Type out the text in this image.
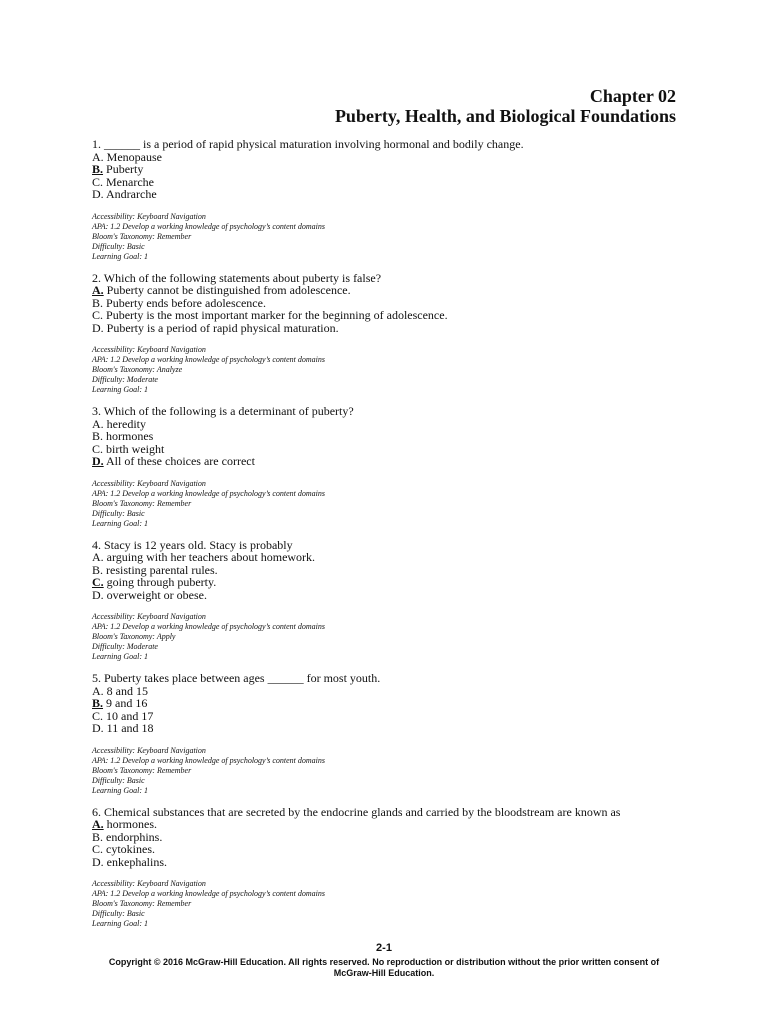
Chapter 02
Puberty, Health, and Biological Foundations
1. ______ is a period of rapid physical maturation involving hormonal and bodily change.
A. Menopause
B. Puberty
C. Menarche
D. Andrarche
Accessibility: Keyboard Navigation
APA: 1.2 Develop a working knowledge of psychology’s content domains
Bloom's Taxonomy: Remember
Difficulty: Basic
Learning Goal: 1
2. Which of the following statements about puberty is false?
A. Puberty cannot be distinguished from adolescence.
B. Puberty ends before adolescence.
C. Puberty is the most important marker for the beginning of adolescence.
D. Puberty is a period of rapid physical maturation.
Accessibility: Keyboard Navigation
APA: 1.2 Develop a working knowledge of psychology’s content domains
Bloom's Taxonomy: Analyze
Difficulty: Moderate
Learning Goal: 1
3. Which of the following is a determinant of puberty?
A. heredity
B. hormones
C. birth weight
D. All of these choices are correct
Accessibility: Keyboard Navigation
APA: 1.2 Develop a working knowledge of psychology’s content domains
Bloom's Taxonomy: Remember
Difficulty: Basic
Learning Goal: 1
4. Stacy is 12 years old. Stacy is probably
A. arguing with her teachers about homework.
B. resisting parental rules.
C. going through puberty.
D. overweight or obese.
Accessibility: Keyboard Navigation
APA: 1.2 Develop a working knowledge of psychology’s content domains
Bloom's Taxonomy: Apply
Difficulty: Moderate
Learning Goal: 1
5. Puberty takes place between ages ______ for most youth.
A. 8 and 15
B. 9 and 16
C. 10 and 17
D. 11 and 18
Accessibility: Keyboard Navigation
APA: 1.2 Develop a working knowledge of psychology’s content domains
Bloom's Taxonomy: Remember
Difficulty: Basic
Learning Goal: 1
6. Chemical substances that are secreted by the endocrine glands and carried by the bloodstream are known as
A. hormones.
B. endorphins.
C. cytokines.
D. enkephalins.
Accessibility: Keyboard Navigation
APA: 1.2 Develop a working knowledge of psychology’s content domains
Bloom's Taxonomy: Remember
Difficulty: Basic
Learning Goal: 1
2-1
Copyright © 2016 McGraw-Hill Education. All rights reserved. No reproduction or distribution without the prior written consent of McGraw-Hill Education.
